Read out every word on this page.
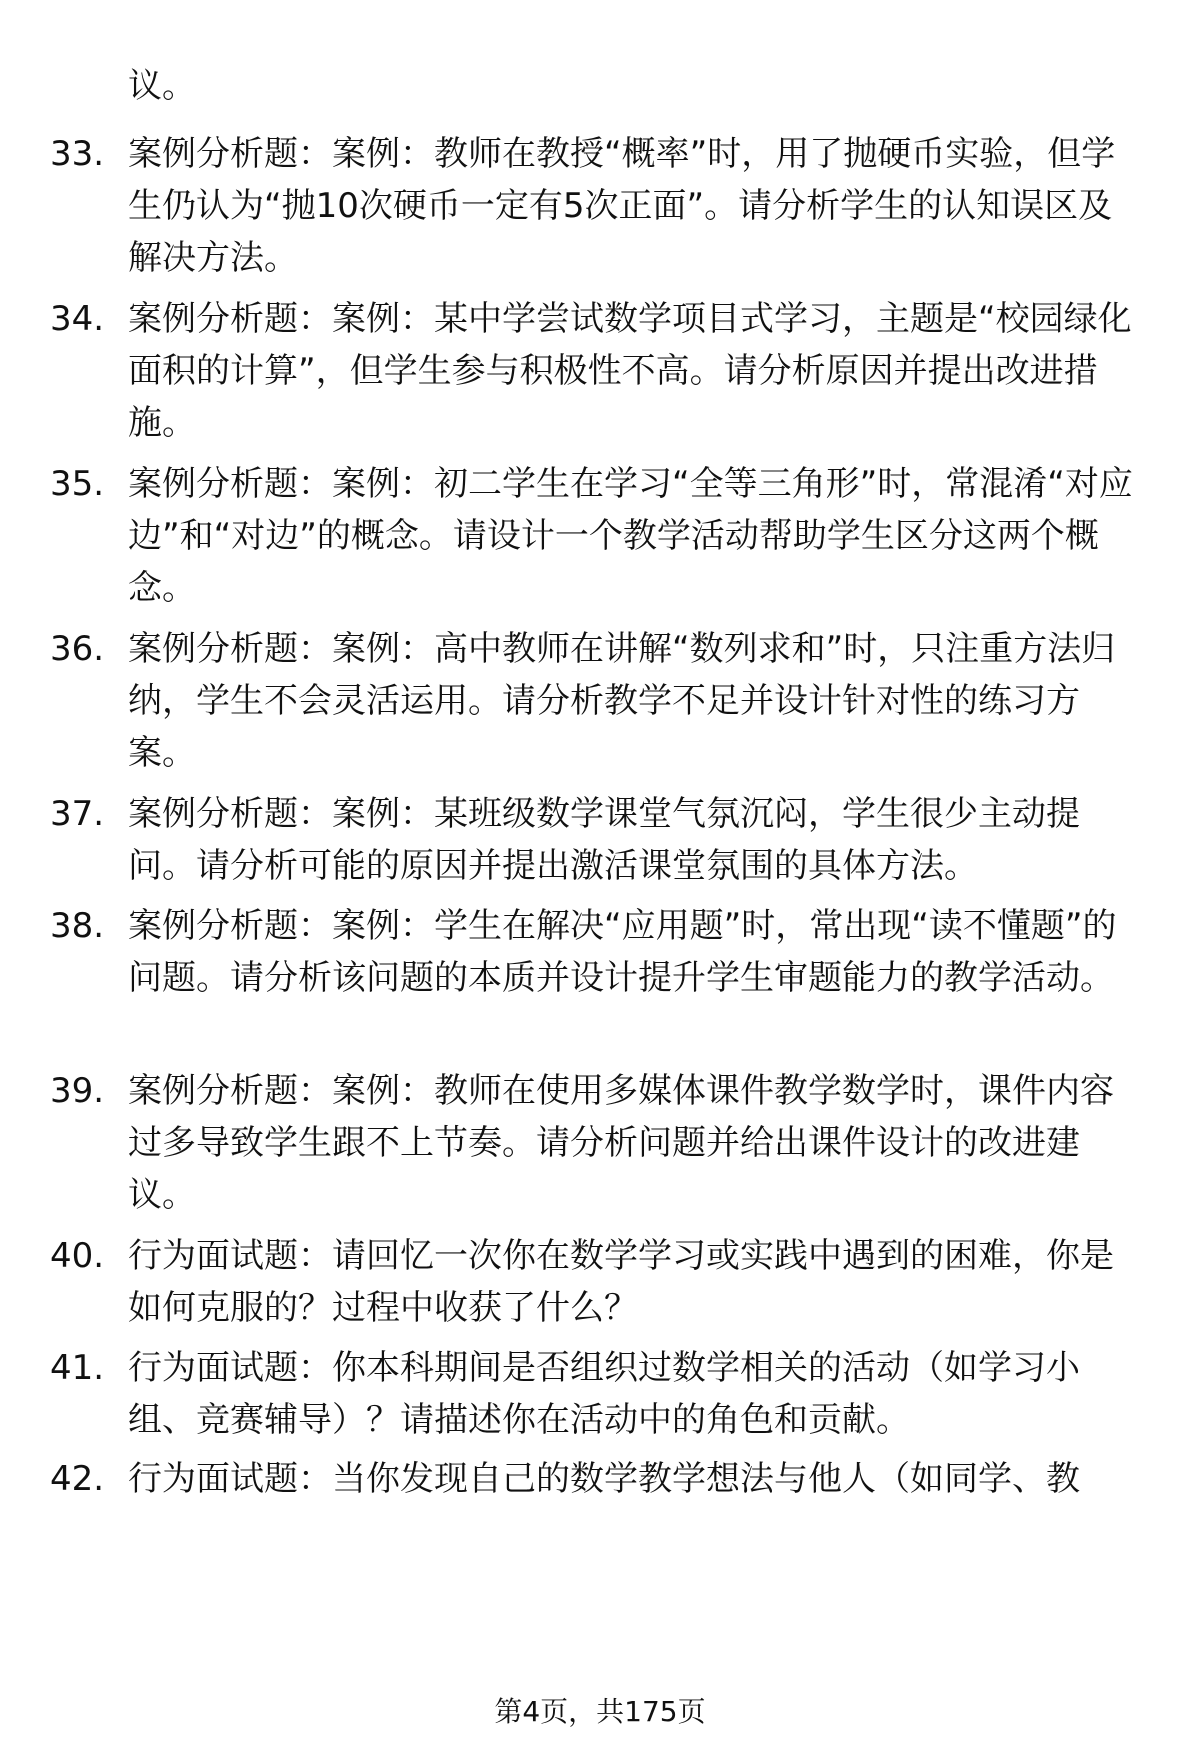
议。
33. 案例分析题：案例：教师在教授“概率”时，用了抛硬币实验，但学生仍认为“抛10次硬币一定有5次正面”。请分析学生的认知误区及解决方法。
34. 案例分析题：案例：某中学尝试数学项目式学习，主题是“校园绿化面积的计算”，但学生参与积极性不高。请分析原因并提出改进措施。
35. 案例分析题：案例：初二学生在学习“全等三角形”时，常混淆“对应边”和“对边”的概念。请设计一个教学活动帮助学生区分这两个概念。
36. 案例分析题：案例：高中教师在讲解“数列求和”时，只注重方法归纳，学生不会灵活运用。请分析教学不足并设计针对性的练习方案。
37. 案例分析题：案例：某班级数学课堂气氛沉闷，学生很少主动提问。请分析可能的原因并提出激活课堂氛围的具体方法。
38. 案例分析题：案例：学生在解决“应用题”时，常出现“读不懂题”的问题。请分析该问题的本质并设计提升学生审题能力的教学活动。
39. 案例分析题：案例：教师在使用多媒体课件教学数学时，课件内容过多导致学生跟不上节奏。请分析问题并给出课件设计的改进建议。
40. 行为面试题：请回忆一次你在数学学习或实践中遇到的困难，你是如何克服的？过程中收获了什么？
41. 行为面试题：你本科期间是否组织过数学相关的活动（如学习小组、竞赛辅导）？请描述你在活动中的角色和贡献。
42. 行为面试题：当你发现自己的数学教学想法与他人（如同学、教
第4页，共175页
